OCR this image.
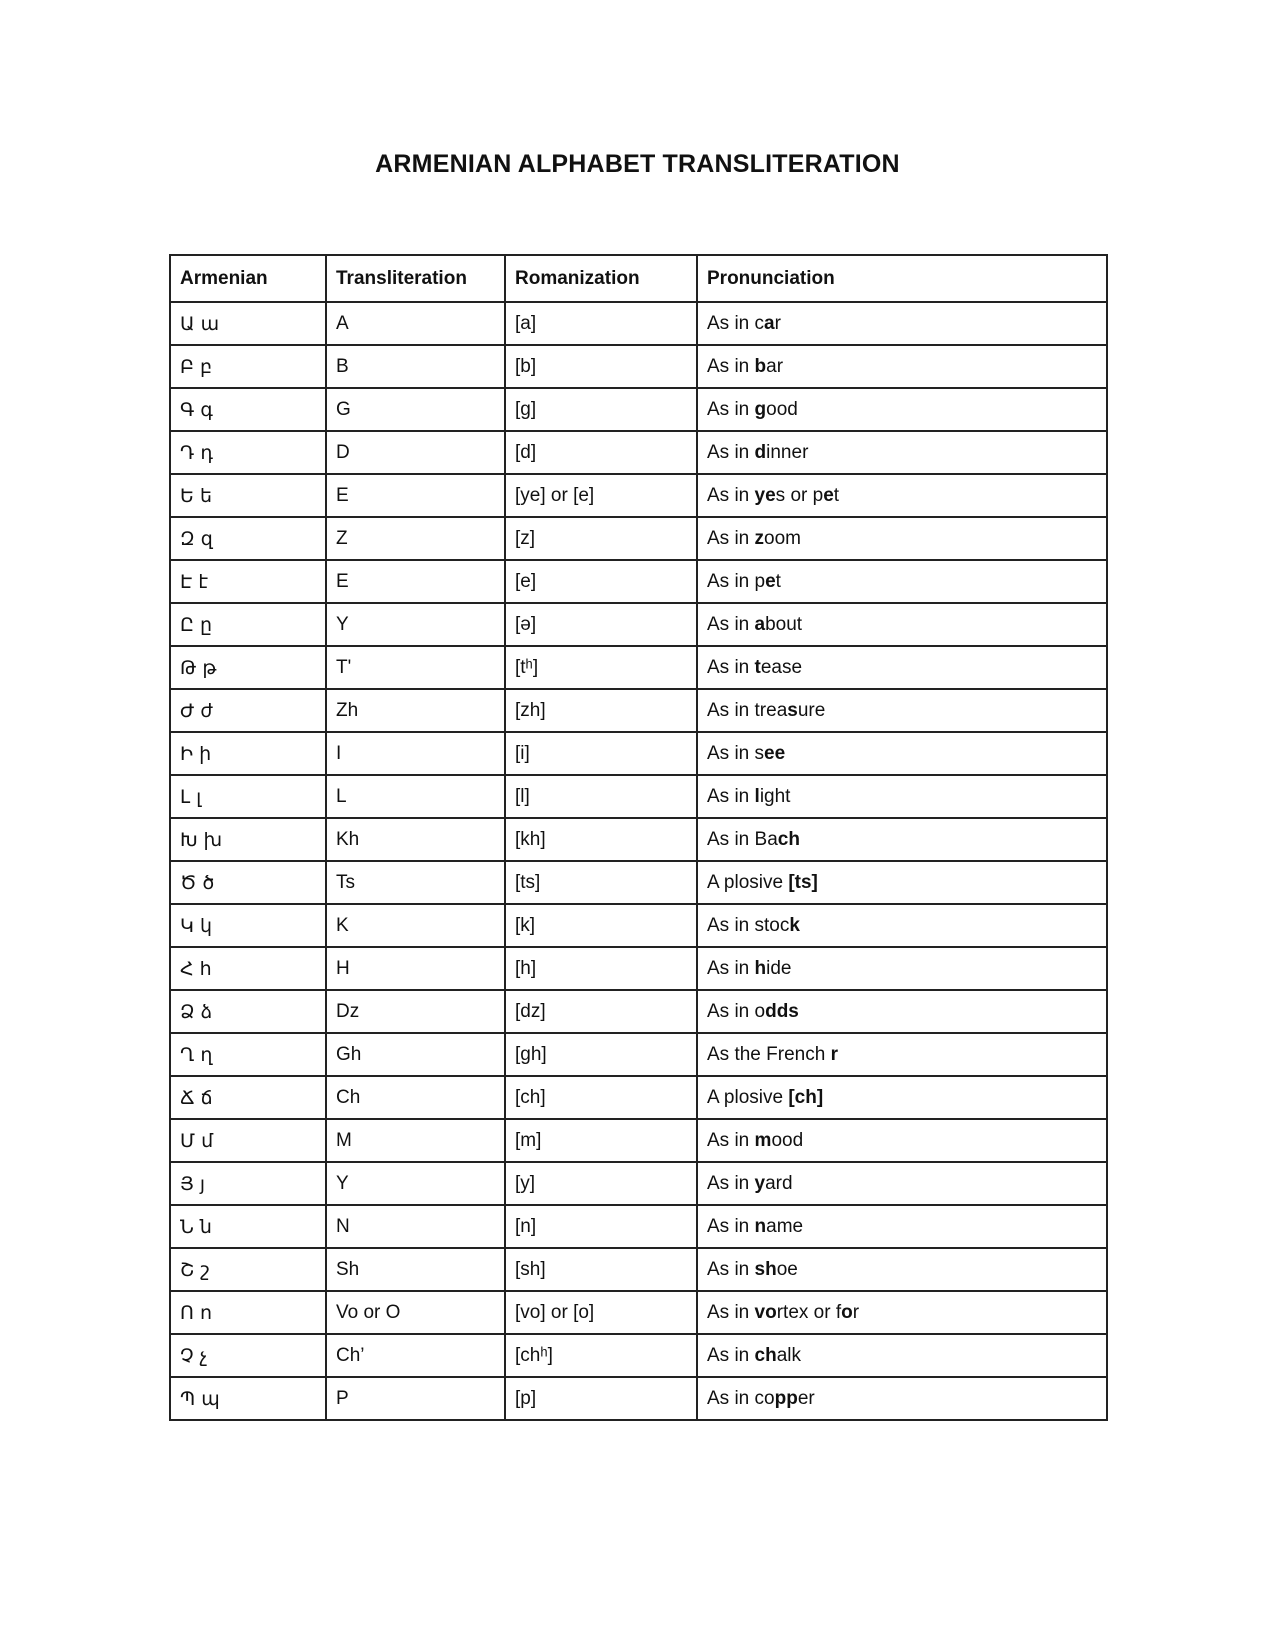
ARMENIAN ALPHABET TRANSLITERATION
Armenian	Transliteration	Romanization	Pronunciation
Ա ա	A	[a]	As in car
Բ բ	B	[b]	As in bar
Գ գ	G	[g]	As in good
Դ դ	D	[d]	As in dinner
Ե ե	E	[ye] or [e]	As in yes or pet
Զ զ	Z	[z]	As in zoom
Է է	E	[e]	As in pet
Ը ը	Y	[ə]	As in about
Թ թ	T'	[tʰ]	As in tease
Ժ ժ	Zh	[zh]	As in treasure
Ի ի	I	[i]	As in see
Լ լ	L	[l]	As in light
Խ խ	Kh	[kh]	As in Bach
Ծ ծ	Ts	[ts]	A plosive [ts]
Կ կ	K	[k]	As in stock
Հ հ	H	[h]	As in hide
Ձ ձ	Dz	[dz]	As in odds
Ղ ղ	Gh	[gh]	As the French r
Ճ ճ	Ch	[ch]	A plosive [ch]
Մ մ	M	[m]	As in mood
Յ յ	Y	[y]	As in yard
Ն ն	N	[n]	As in name
Շ շ	Sh	[sh]	As in shoe
Ո ո	Vo or O	[vo] or [o]	As in vortex or for
Չ չ	Ch’	[chʰ]	As in chalk
Պ պ	P	[p]	As in copper
